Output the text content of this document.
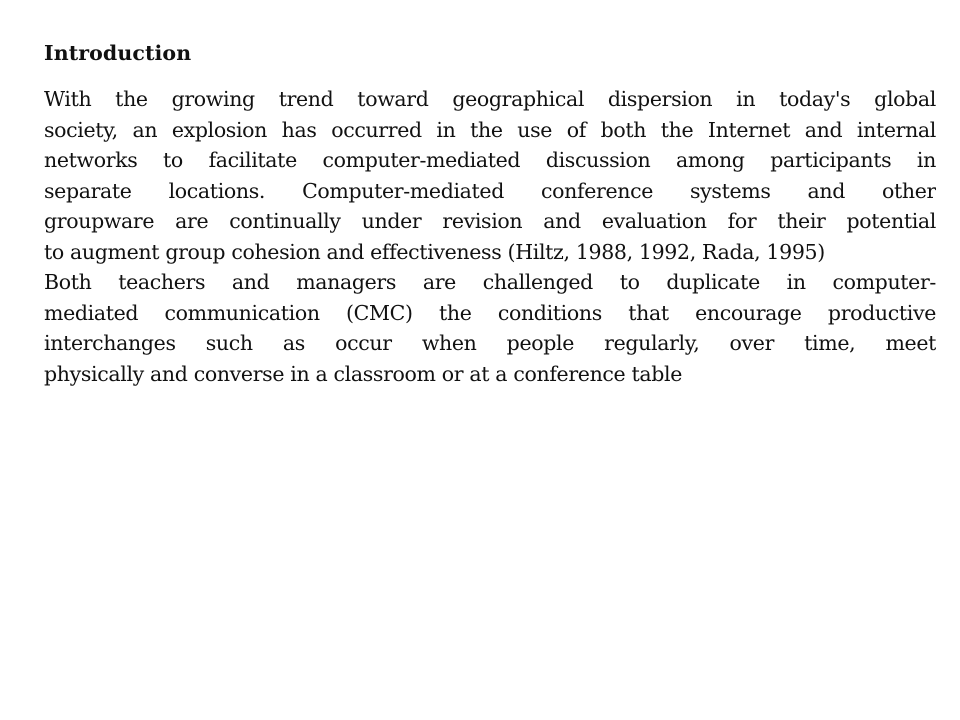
Introduction

With the growing trend toward geographical dispersion in today's global
society, an explosion has occurred in the use of both the Internet and internal
networks to facilitate computer-mediated discussion among participants in
separate locations. Computer-mediated conference systems and other
groupware are continually under revision and evaluation for their potential
to augment group cohesion and effectiveness (Hiltz, 1988, 1992, Rada, 1995)
Both teachers and managers are challenged to duplicate in computer-
mediated communication (CMC) the conditions that encourage productive
interchanges such as occur when people regularly, over time, meet
physically and converse in a classroom or at a conference table
